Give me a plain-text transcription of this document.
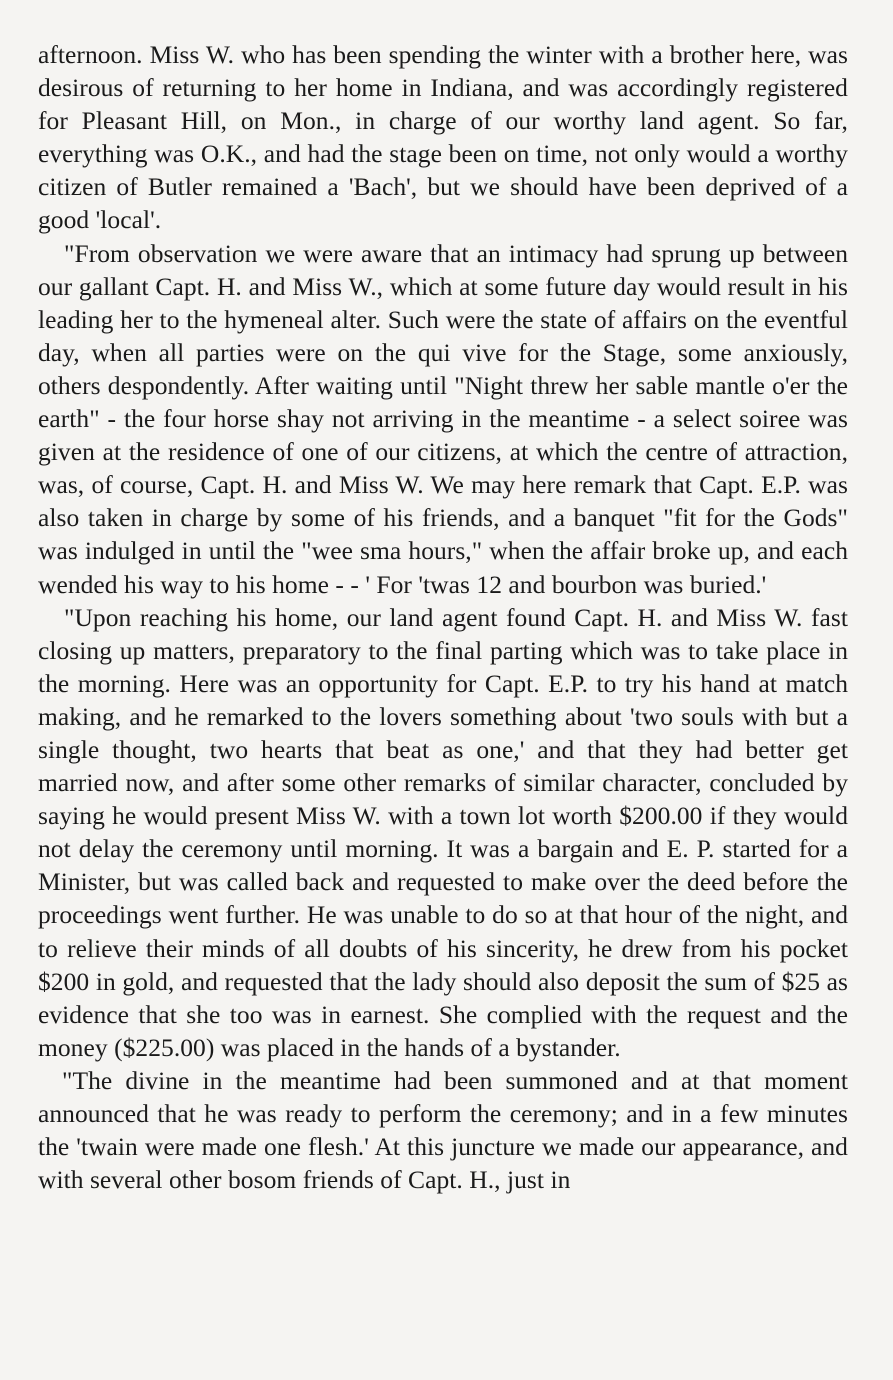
afternoon. Miss W. who has been spending the winter with a brother here, was desirous of returning to her home in Indiana, and was accordingly registered for Pleasant Hill, on Mon., in charge of our worthy land agent. So far, everything was O.K., and had the stage been on time, not only would a worthy citizen of Butler remained a 'Bach', but we should have been deprived of a good 'local'.

"From observation we were aware that an intimacy had sprung up between our gallant Capt. H. and Miss W., which at some future day would result in his leading her to the hymeneal alter. Such were the state of affairs on the eventful day, when all parties were on the qui vive for the Stage, some anxiously, others despondently. After waiting until "Night threw her sable mantle o'er the earth" - the four horse shay not arriving in the meantime - a select soiree was given at the residence of one of our citizens, at which the centre of attraction, was, of course, Capt. H. and Miss W. We may here remark that Capt. E.P. was also taken in charge by some of his friends, and a banquet "fit for the Gods" was indulged in until the "wee sma hours," when the affair broke up, and each wended his way to his home - - ' For 'twas 12 and bourbon was buried.'

"Upon reaching his home, our land agent found Capt. H. and Miss W. fast closing up matters, preparatory to the final parting which was to take place in the morning. Here was an opportunity for Capt. E.P. to try his hand at match making, and he remarked to the lovers something about 'two souls with but a single thought, two hearts that beat as one,' and that they had better get married now, and after some other remarks of similar character, concluded by saying he would present Miss W. with a town lot worth $200.00 if they would not delay the ceremony until morning. It was a bargain and E. P. started for a Minister, but was called back and requested to make over the deed before the proceedings went further. He was unable to do so at that hour of the night, and to relieve their minds of all doubts of his sincerity, he drew from his pocket $200 in gold, and requested that the lady should also deposit the sum of $25 as evidence that she too was in earnest. She complied with the request and the money ($225.00) was placed in the hands of a bystander.

"The divine in the meantime had been summoned and at that moment announced that he was ready to perform the ceremony; and in a few minutes the 'twain were made one flesh.' At this juncture we made our appearance, and with several other bosom friends of Capt. H., just in
